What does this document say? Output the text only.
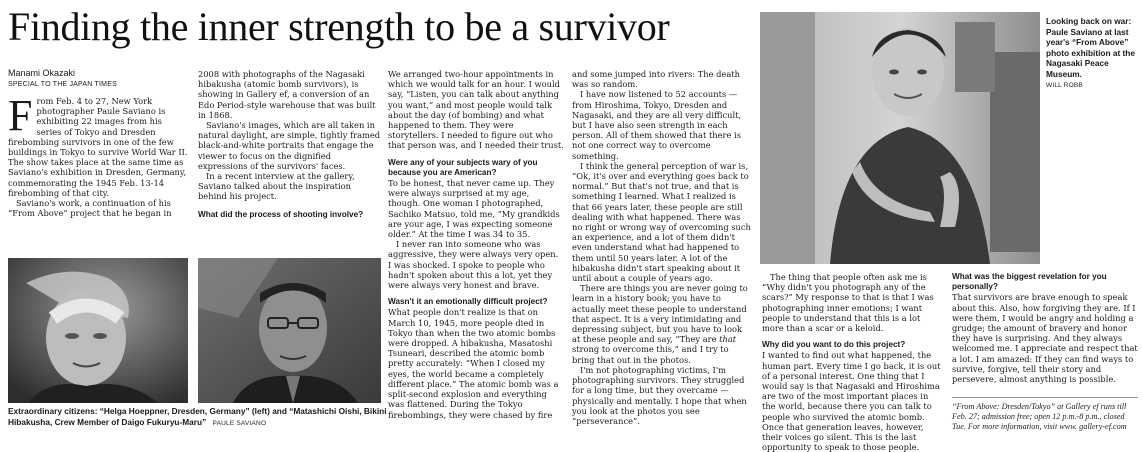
Finding the inner strength to be a survivor
Manami Okazaki
SPECIAL TO THE JAPAN TIMES
F rom Feb. 4 to 27, New York photographer Paule Saviano is exhibiting 22 images from his series of Tokyo and Dresden firebombing survivors in one of the few buildings in Tokyo to survive World War II. The show takes place at the same time as Saviano's exhibition in Dresden, Germany, commemorating the 1945 Feb. 13-14 firebombing of that city.

Saviano's work, a continuation of his “From Above” project that he began in

2008 with photographs of the Nagasaki hibakusha (atomic bomb survivors), is showing in Gallery ef, a conversion of an Edo Period-style warehouse that was built in 1868.

Saviano's images, which are all taken in natural daylight, are simple, tightly framed black-and-white portraits that engage the viewer to focus on the dignified expressions of the survivors' faces.

In a recent interview at the gallery, Saviano talked about the inspiration behind his project.

What did the process of shooting involve?

Extraordinary citizens: “Helga Hoeppner, Dresden, Germany” (left) and “Matashichi Oishi, Bikini Hibakusha, Crew Member of Daigo Fukuryu-Maru” PAULE SAVIANO

We arranged two-hour appointments in which we would talk for an hour. I would say, “Listen, you can talk about anything you want,” and most people would talk about the day (of bombing) and what happened to them. They were storytellers. I needed to figure out who that person was, and I needed their trust.

Were any of your subjects wary of you because you are American?

To be honest, that never came up. They were always surprised at my age, though. One woman I photographed, Sachiko Matsuo, told me, “My grandkids are your age, I was expecting someone older.” At the time I was 34 to 35.

I never ran into someone who was aggressive, they were always very open. I was shocked. I spoke to people who hadn't spoken about this a lot, yet they were always very honest and brave.

Wasn't it an emotionally difficult project?

What people don't realize is that on March 10, 1945, more people died in Tokyo than when the two atomic bombs were dropped. A hibakusha, Masatoshi Tsuneari, described the atomic bomb pretty accurately: “When I closed my eyes, the world became a completely different place.” The atomic bomb was a split-second explosion and everything was flattened. During the Tokyo firebombings, they were chased by fire

and some jumped into rivers: The death was so random.

I have now listened to 52 accounts — from Hiroshima, Tokyo, Dresden and Nagasaki, and they are all very difficult, but I have also seen strength in each person. All of them showed that there is not one correct way to overcome something.

I think the general perception of war is, “Ok, it's over and everything goes back to normal.” But that's not true, and that is something I learned. What I realized is that 66 years later, these people are still dealing with what happened. There was no right or wrong way of overcoming such an experience, and a lot of them didn't even understand what had happened to them until 50 years later. A lot of the hibakusha didn't start speaking about it until about a couple of years ago.

There are things you are never going to learn in a history book; you have to actually meet these people to understand that aspect. It is a very intimidating and depressing subject, but you have to look at these people and say, “They are that strong to overcome this,” and I try to bring that out in the photos.

I'm not photographing victims, I'm photographing survivors. They struggled for a long time, but they overcame — physically and mentally. I hope that when you look at the photos you see “perseverance”.

Looking back on war: Paule Saviano at last year's “From Above” photo exhibition at the Nagasaki Peace Museum.
WILL ROBB

The thing that people often ask me is “Why didn't you photograph any of the scars?” My response to that is that I was photographing inner emotions; I want people to understand that this is a lot more than a scar or a keloid.

Why did you want to do this project?

I wanted to find out what happened, the human part. Every time I go back, it is out of a personal interest. One thing that I would say is that Nagasaki and Hiroshima are two of the most important places in the world, because there you can talk to people who survived the atomic bomb. Once that generation leaves, however, their voices go silent. This is the last opportunity to speak to those people.

What was the biggest revelation for you personally?

That survivors are brave enough to speak about this. Also, how forgiving they are. If I were them, I would be angry and holding a grudge; the amount of bravery and honor they have is surprising. And they always welcomed me. I appreciate and respect that a lot. I am amazed: If they can find ways to survive, forgive, tell their story and persevere, almost anything is possible.

“From Above: Dresden/Tokyo” at Gallery ef runs till Feb. 27; admission free; open 12 p.m.-8 p.m., closed Tue. For more information, visit www. gallery-ef.com
